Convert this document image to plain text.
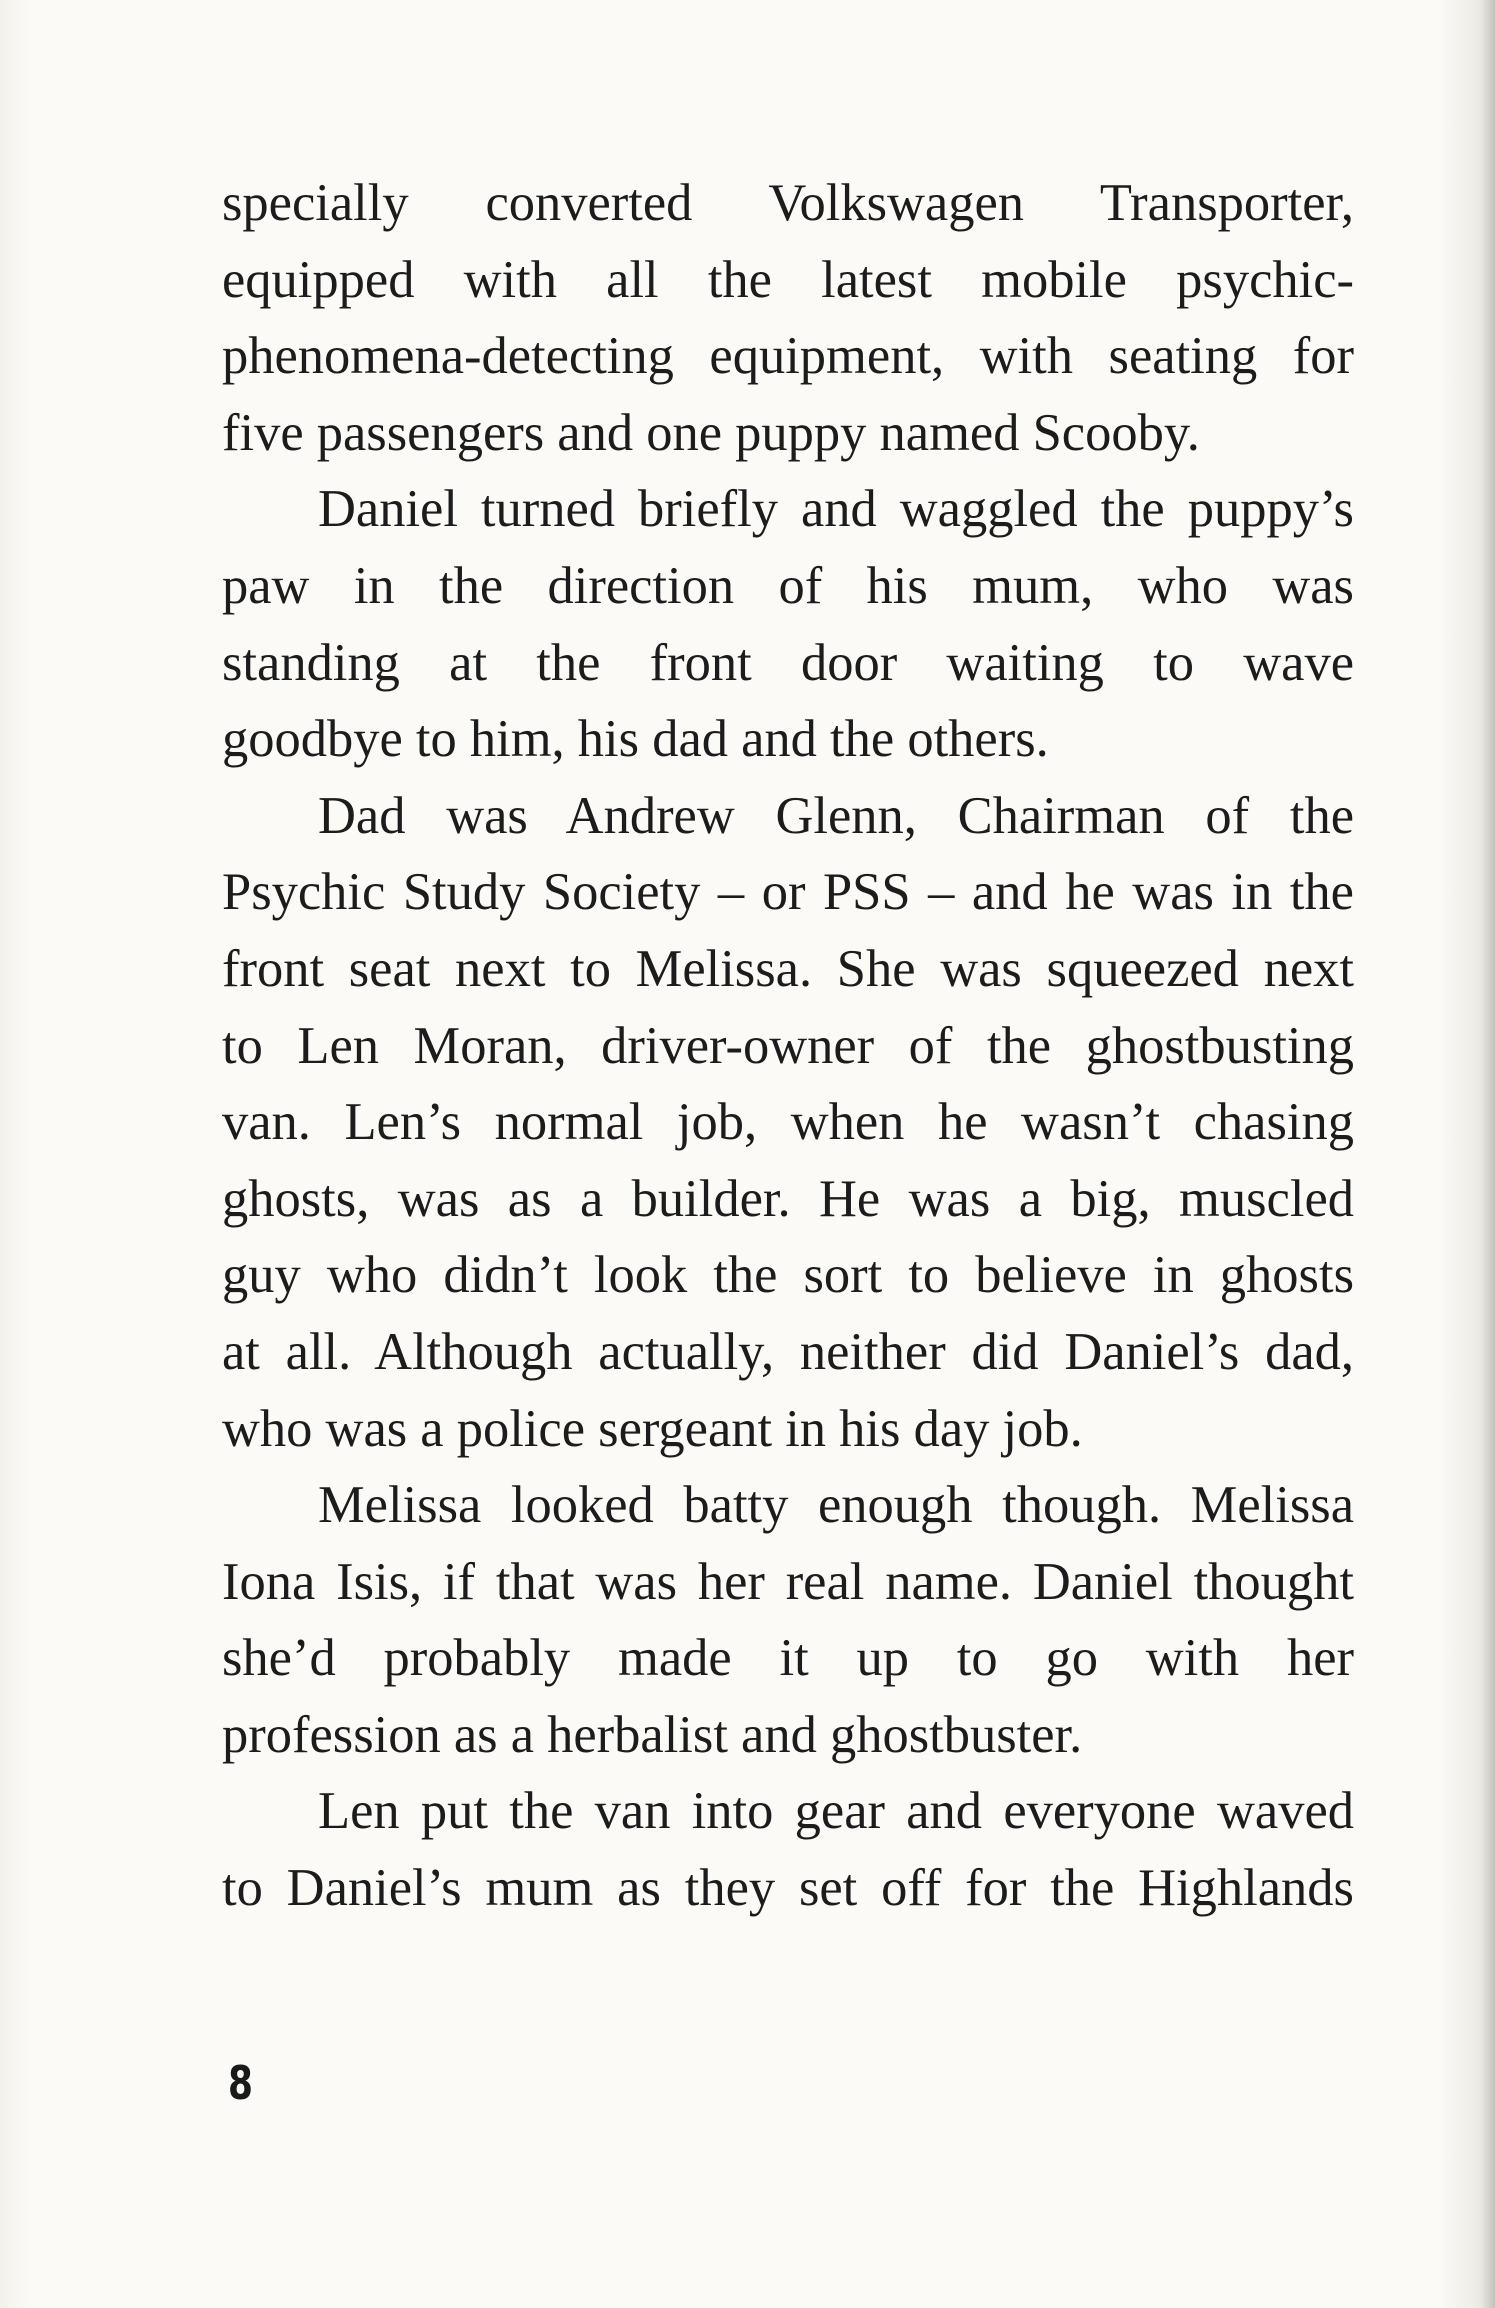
specially converted Volkswagen Transporter,
equipped with all the latest mobile psychic-
phenomena-detecting equipment, with seating for
five passengers and one puppy named Scooby.
Daniel turned briefly and waggled the puppy’s
paw in the direction of his mum, who was
standing at the front door waiting to wave
goodbye to him, his dad and the others.
Dad was Andrew Glenn, Chairman of the
Psychic Study Society – or PSS – and he was in the
front seat next to Melissa. She was squeezed next
to Len Moran, driver-owner of the ghostbusting
van. Len’s normal job, when he wasn’t chasing
ghosts, was as a builder. He was a big, muscled
guy who didn’t look the sort to believe in ghosts
at all. Although actually, neither did Daniel’s dad,
who was a police sergeant in his day job.
Melissa looked batty enough though. Melissa
Iona Isis, if that was her real name. Daniel thought
she’d probably made it up to go with her
profession as a herbalist and ghostbuster.
Len put the van into gear and everyone waved
to Daniel’s mum as they set off for the Highlands
8
